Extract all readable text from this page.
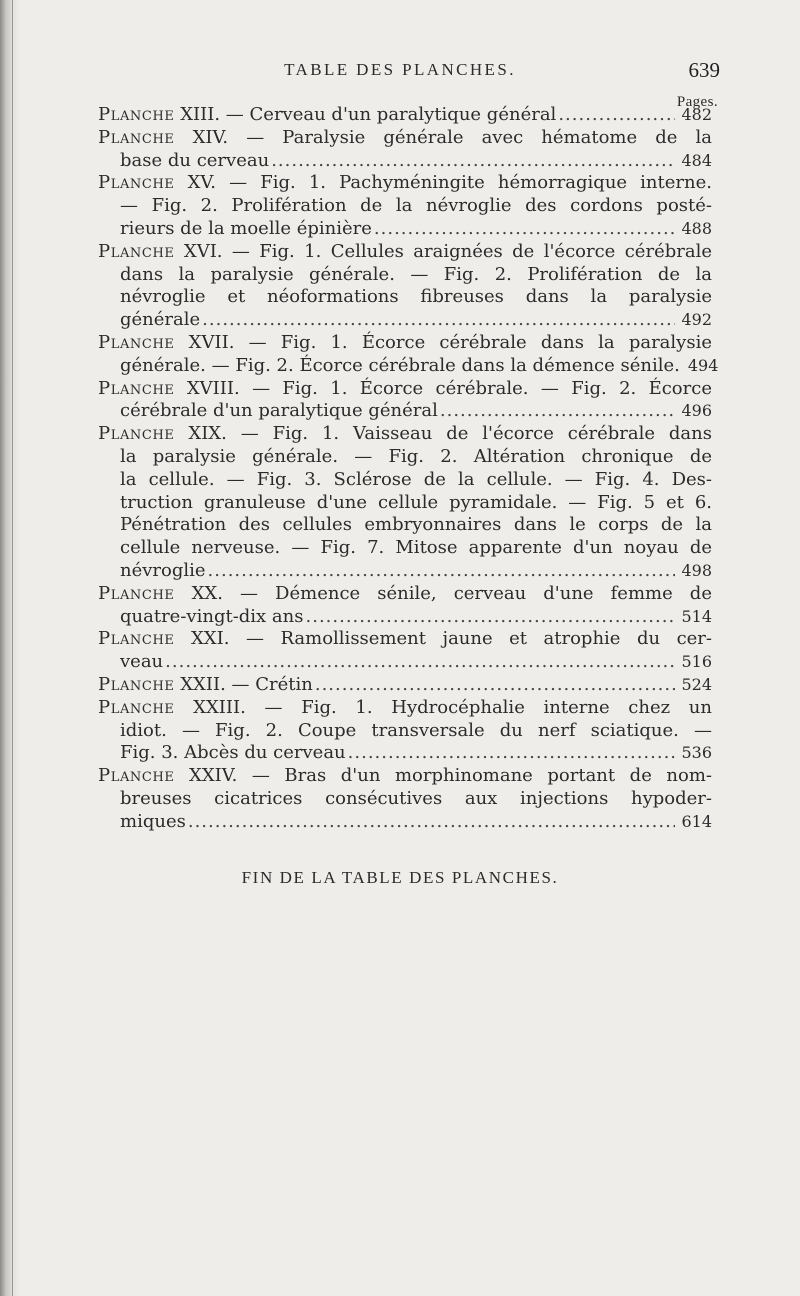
TABLE DES PLANCHES.	639
Pages.
Planche XIII. — Cerveau d'un paralytique général .....	482
Planche XIV. — Paralysie générale avec hématome de la
base du cerveau .....	484
Planche XV. — Fig. 1. Pachyméningite hémorragique interne.
— Fig. 2. Prolifération de la névroglie des cordons posté-
rieurs de la moelle épinière .....	488
Planche XVI. — Fig. 1. Cellules araignées de l'écorce cérébrale
dans la paralysie générale. — Fig. 2. Prolifération de la
névroglie et néoformations fibreuses dans la paralysie
générale .....	492
Planche XVII. — Fig. 1. Écorce cérébrale dans la paralysie
générale. — Fig. 2. Écorce cérébrale dans la démence sénile. 494
Planche XVIII. — Fig. 1. Écorce cérébrale. — Fig. 2. Écorce
cérébrale d'un paralytique général .....	496
Planche XIX. — Fig. 1. Vaisseau de l'écorce cérébrale dans
la paralysie générale. — Fig. 2. Altération chronique de
la cellule. — Fig. 3. Sclérose de la cellule. — Fig. 4. Des-
truction granuleuse d'une cellule pyramidale. — Fig. 5 et 6.
Pénétration des cellules embryonnaires dans le corps de la
cellule nerveuse. — Fig. 7. Mitose apparente d'un noyau de
névroglie .....	498
Planche XX. — Démence sénile, cerveau d'une femme de
quatre-vingt-dix ans .....	514
Planche XXI. — Ramollissement jaune et atrophie du cer-
veau .....	516
Planche XXII. — Crétin .....	524
Planche XXIII. — Fig. 1. Hydrocéphalie interne chez un
idiot. — Fig. 2. Coupe transversale du nerf sciatique. —
Fig. 3. Abcès du cerveau .....	536
Planche XXIV. — Bras d'un morphinomane portant de nom-
breuses cicatrices consécutives aux injections hypoder-
miques .....	614
FIN DE LA TABLE DES PLANCHES.
